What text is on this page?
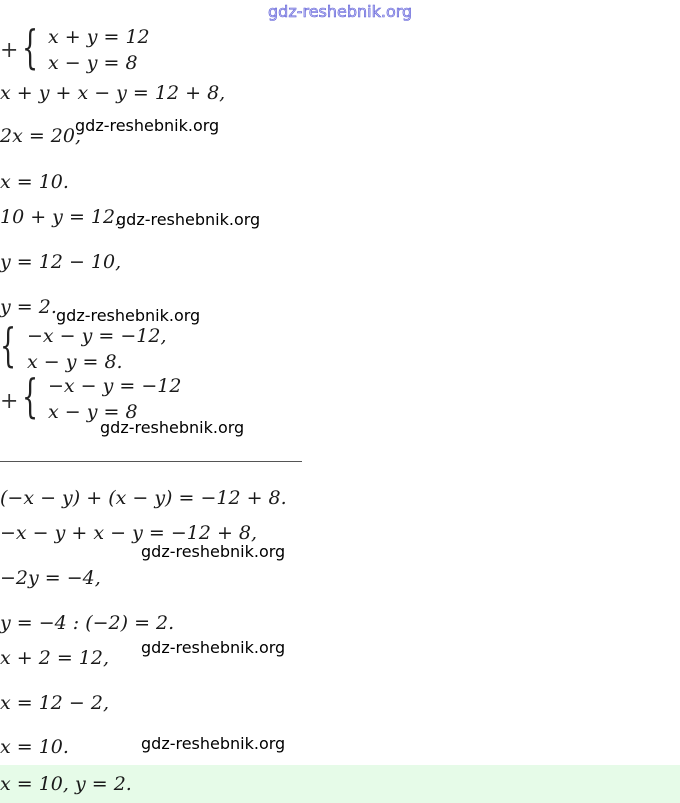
gdz-reshebnik.org
+ { x + y = 12
x − y = 8
x + y + x − y = 12 + 8,
2x = 20,
gdz-reshebnik.org
x = 10.
10 + y = 12,
gdz-reshebnik.org
y = 12 − 10,
y = 2. gdz-reshebnik.org
{ −x − y = −12,
x − y = 8.
+ { −x − y = −12
x − y = 8
gdz-reshebnik.org
(−x − y) + (x − y) = −12 + 8.
−x − y + x − y = −12 + 8,
gdz-reshebnik.org
−2y = −4,
y = −4 : (−2) = 2.
x + 2 = 12, gdz-reshebnik.org
x = 12 − 2,
x = 10.	gdz-reshebnik.org
x = 10, y = 2.
